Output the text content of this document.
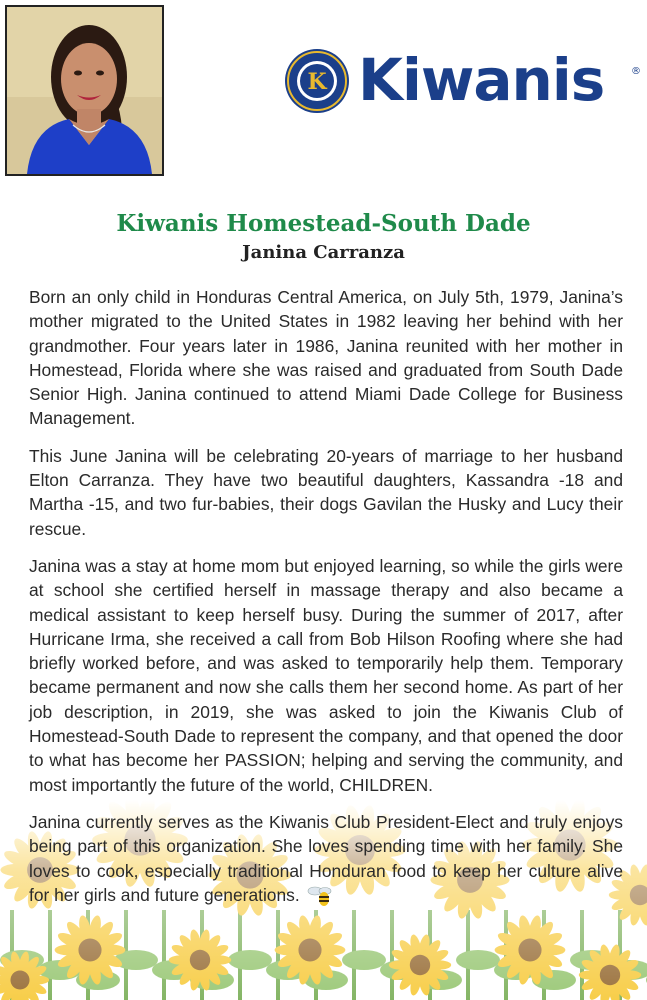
K Kiwanis	®
Kiwanis Homestead-South Dade
Janina Carranza

Born an only child in Honduras Central America, on July 5th, 1979, Janina’s mother migrated to the United States in 1982 leaving her behind with her grandmother. Four years later in 1986, Janina reunited with her mother in Homestead, Florida where she was raised and graduated from South Dade Senior High. Janina continued to attend Miami Dade College for Business Management.

This June Janina will be celebrating 20-years of marriage to her husband Elton Carranza. They have two beautiful daughters, Kassandra -18 and Martha -15, and two fur-babies, their dogs Gavilan the Husky and Lucy their rescue.

Janina was a stay at home mom but enjoyed learning, so while the girls were at school she certified herself in massage therapy and also became a medical assistant to keep herself busy. During the summer of 2017, after Hurricane Irma, she received a call from Bob Hilson Roofing where she had briefly worked before, and was asked to temporarily help them. Temporary became permanent and now she calls them her second home. As part of her job description, in 2019, she was asked to join the Kiwanis Club of Homestead-South Dade to represent the company, and that opened the door to what has become her PASSION; helping and serving the community, and most importantly the future of the world, CHILDREN.

Janina currently serves as the Kiwanis Club President-Elect and truly enjoys being part of this organization. She loves spending time with her family. She loves to cook, especially traditional Honduran food to keep her culture alive for her girls and future generations.
